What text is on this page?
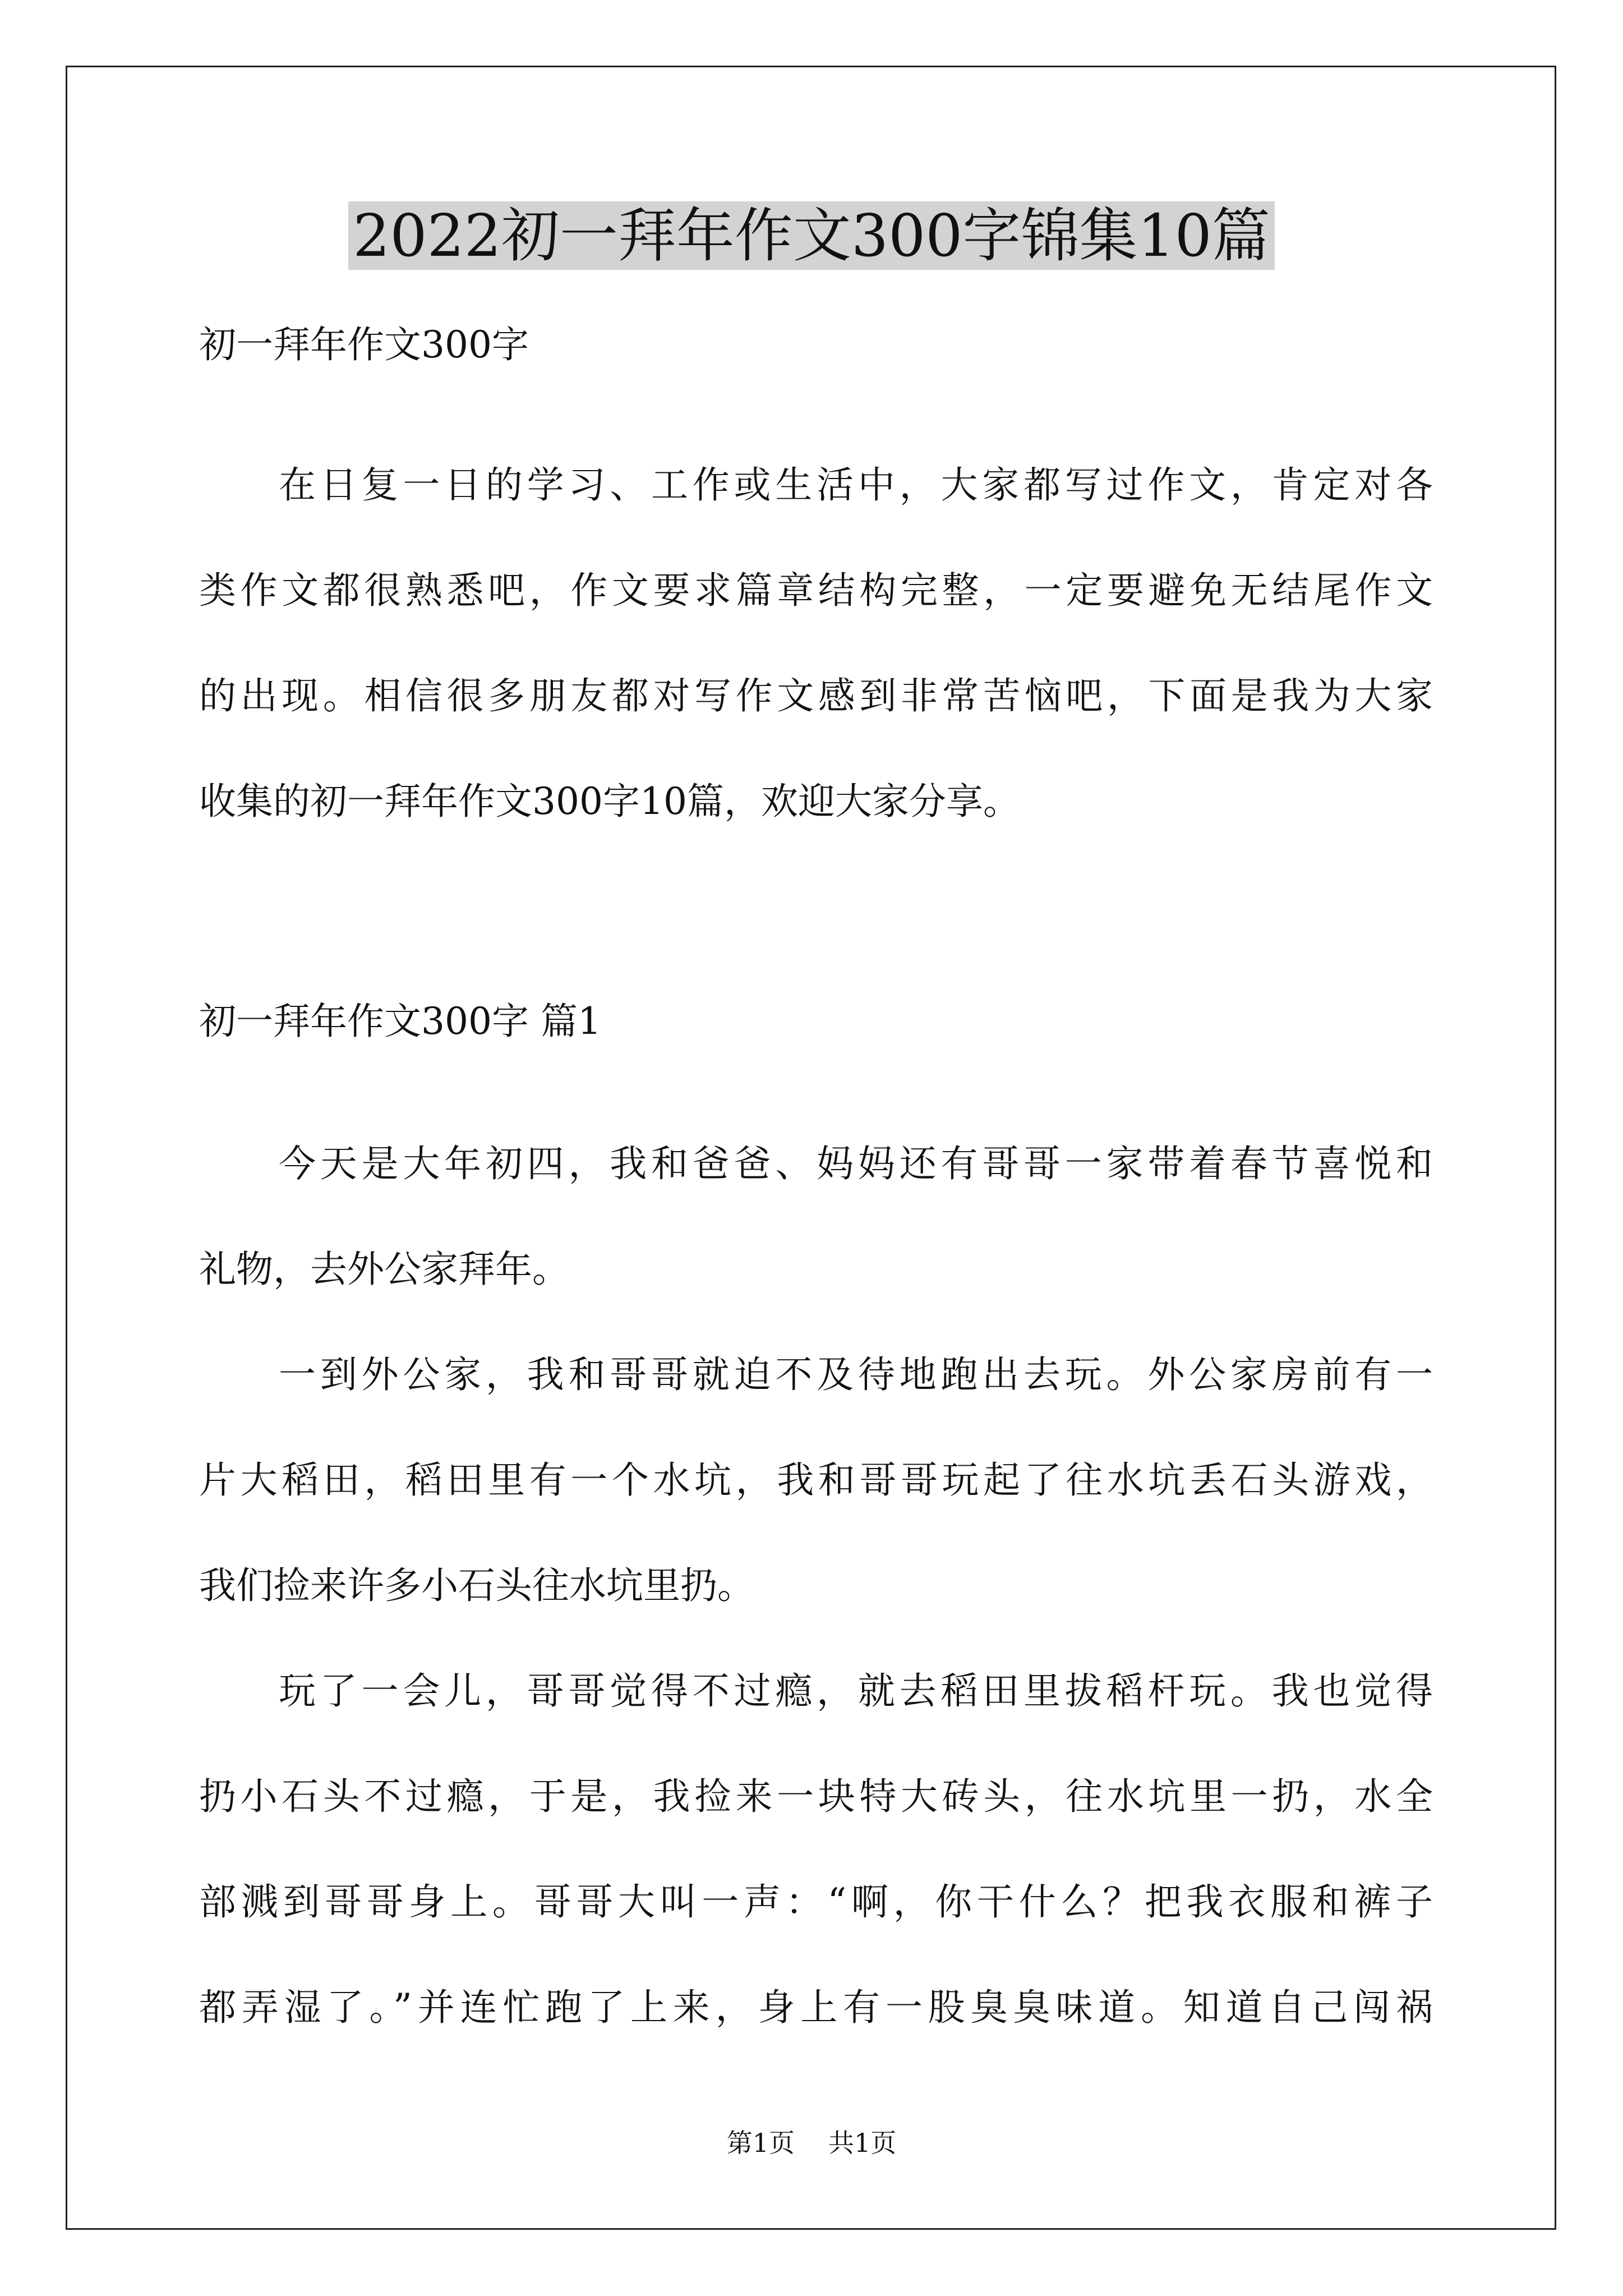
2022初一拜年作文300字锦集10篇

初一拜年作文300字

在日复一日的学习、工作或生活中，大家都写过作文，肯定对各

类作文都很熟悉吧，作文要求篇章结构完整，一定要避免无结尾作文

的出现。相信很多朋友都对写作文感到非常苦恼吧，下面是我为大家

收集的初一拜年作文300字10篇，欢迎大家分享。

初一拜年作文300字 篇1

今天是大年初四，我和爸爸、妈妈还有哥哥一家带着春节喜悦和

礼物，去外公家拜年。

一到外公家，我和哥哥就迫不及待地跑出去玩。外公家房前有一

片大稻田，稻田里有一个水坑，我和哥哥玩起了往水坑丢石头游戏，

我们捡来许多小石头往水坑里扔。

玩了一会儿，哥哥觉得不过瘾，就去稻田里拔稻杆玩。我也觉得

扔小石头不过瘾，于是，我捡来一块特大砖头，往水坑里一扔，水全

部溅到哥哥身上。哥哥大叫一声：“啊，你干什么？把我衣服和裤子

都弄湿了。”并连忙跑了上来，身上有一股臭臭味道。知道自己闯祸

第1页 共1页
